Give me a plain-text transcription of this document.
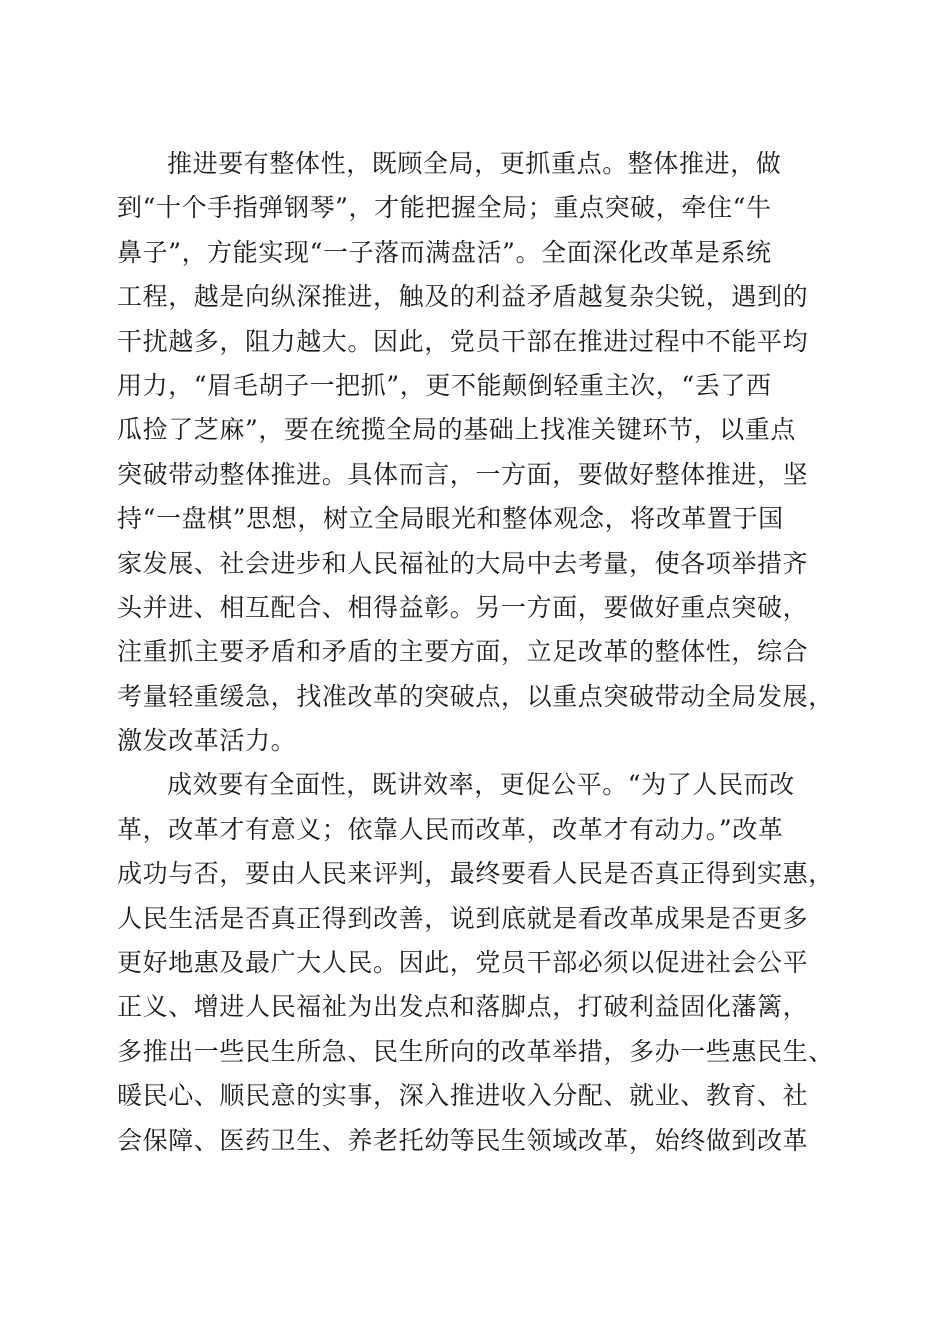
推进要有整体性，既顾全局，更抓重点。整体推进，做
到“十个手指弹钢琴”，才能把握全局；重点突破，牵住“牛
鼻子”，方能实现“一子落而满盘活”。全面深化改革是系统
工程，越是向纵深推进，触及的利益矛盾越复杂尖锐，遇到的
干扰越多，阻力越大。因此，党员干部在推进过程中不能平均
用力，“眉毛胡子一把抓”，更不能颠倒轻重主次，“丢了西
瓜捡了芝麻”，要在统揽全局的基础上找准关键环节，以重点
突破带动整体推进。具体而言，一方面，要做好整体推进，坚
持“一盘棋”思想，树立全局眼光和整体观念，将改革置于国
家发展、社会进步和人民福祉的大局中去考量，使各项举措齐
头并进、相互配合、相得益彰。另一方面，要做好重点突破，
注重抓主要矛盾和矛盾的主要方面，立足改革的整体性，综合
考量轻重缓急，找准改革的突破点，以重点突破带动全局发展，
激发改革活力。
成效要有全面性，既讲效率，更促公平。“为了人民而改
革，改革才有意义；依靠人民而改革，改革才有动力。”改革
成功与否，要由人民来评判，最终要看人民是否真正得到实惠，
人民生活是否真正得到改善，说到底就是看改革成果是否更多
更好地惠及最广大人民。因此，党员干部必须以促进社会公平
正义、增进人民福祉为出发点和落脚点，打破利益固化藩篱，
多推出一些民生所急、民生所向的改革举措，多办一些惠民生、
暖民心、顺民意的实事，深入推进收入分配、就业、教育、社
会保障、医药卫生、养老托幼等民生领域改革，始终做到改革
